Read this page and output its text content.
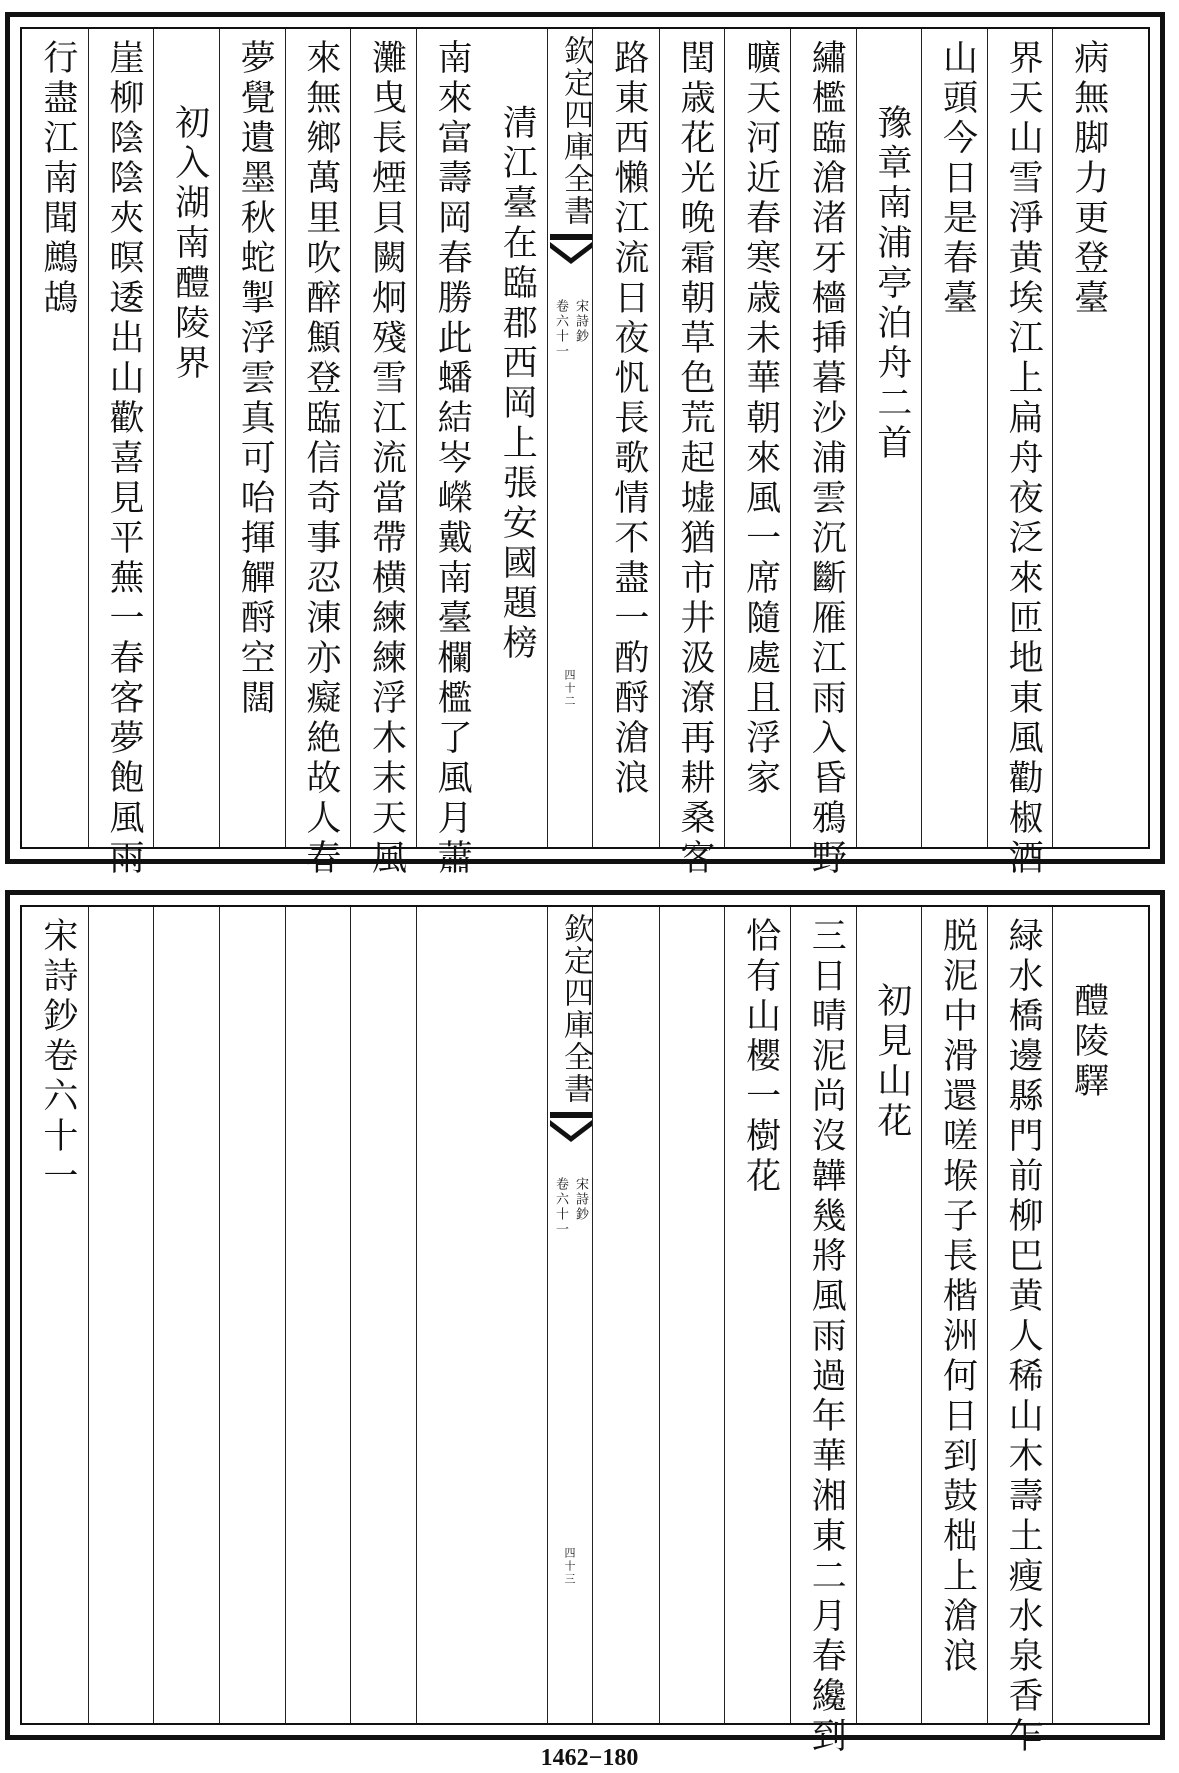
清江臺在臨郡西岡上張安國題榜
南來富壽岡春勝此蟠結岑嶸戴南臺欄檻了風月蕭
灘曳長煙貝闕炯殘雪江流當帶横練練浮木末天風
來無鄉萬里吹醉顦登臨信奇事忍涷亦癡絶故人春
夢覺遺墨秋蛇掣浮雲真可咍揮觶酹空闊
初入湖南醴陵界
崖柳陰陰夾暝逶出山歡喜見平蕪一春客夢飽風雨
行盡江南聞鷓鴣	欽定四庫全書
宋詩鈔
卷六十一
四十二
病無脚力更登臺
界天山雪淨黄埃江上扁舟夜泛來匝地東風勸椒酒
山頭今日是春臺
豫章南浦亭泊舟二首
繡檻臨滄渚牙檣挿暮沙浦雲沉斷雁江雨入昏鴉野
曠天河近春寒歳未華朝來風一席隨處且浮家
閏歳花光晚霜朝草色荒起墟猶市井汲潦再耕桑客
路東西懶江流日夜忛長歌情不盡一酌酹滄浪
宋詩鈔卷六十一	欽定四庫全書
宋詩鈔
卷六十一
四十三
醴陵驛
緑水橋邊縣門前柳巴黄人稀山木壽土瘦水泉香乍
脱泥中滑還嗟堠子長楷洲何日到鼓柮上滄浪
初見山花
三日晴泥尚沒韡幾將風雨過年華湘東二月春纔到
恰有山櫻一樹花
1462−180
